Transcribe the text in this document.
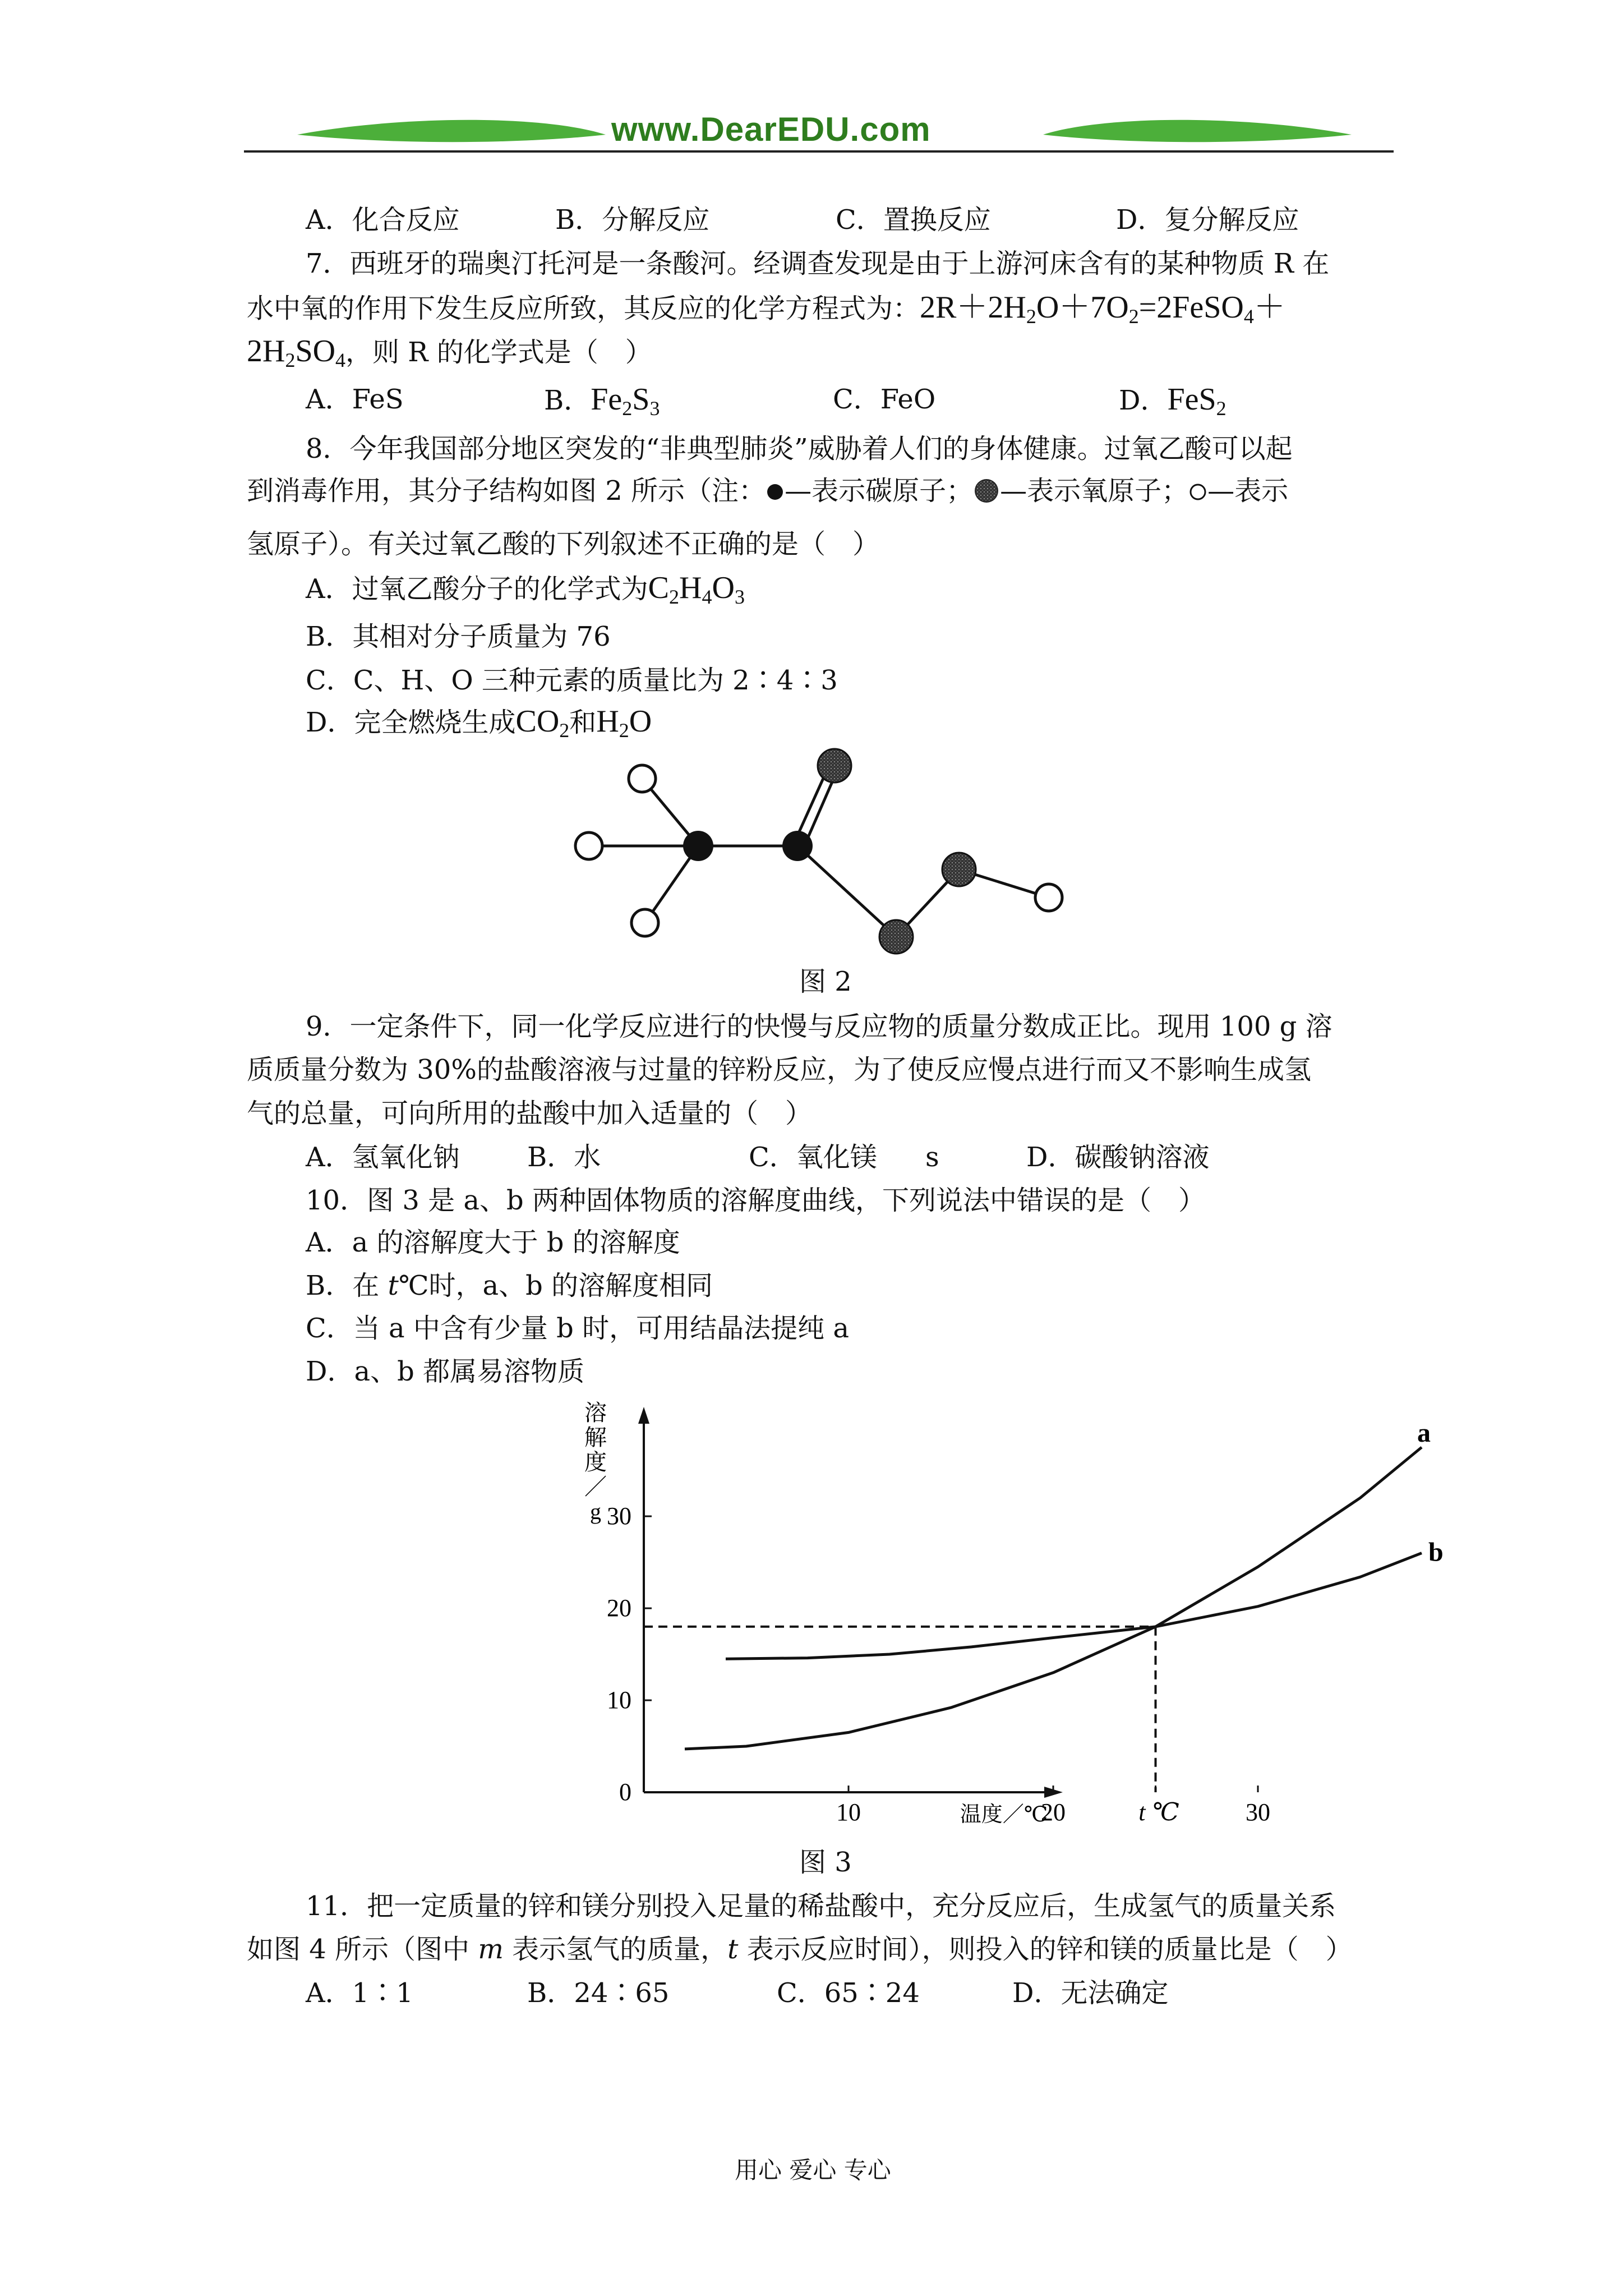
www.DearEDU.com
A．化合反应	B．分解反应	C．置换反应	D．复分解反应
7．西班牙的瑞奥汀托河是一条酸河。经调查发现是由于上游河床含有的某种物质 R 在
水中氧的作用下发生反应所致，其反应的化学方程式为：$2R+2H_2O+7O_2=2FeSO_4+$
$2H_2SO_4$，则 R 的化学式是（　）
A．FeS	B．$Fe_2S_3$	C．FeO	D．FeS$_2$
8．今年我国部分地区突发的“非典型肺炎”威胁着人们的身体健康。过氧乙酸可以起
到消毒作用，其分子结构如图 2 所示（注： —表示碳原子； —表示氧原子； —表示
氢原子）。有关过氧乙酸的下列叙述不正确的是（　）
A．过氧乙酸分子的化学式为$C_2H_4O_3$
B．其相对分子质量为 76
C．C、H、O 三种元素的质量比为 2∶4∶3
D．完全燃烧生成$CO_2$和$H_2O$
图 2
9．一定条件下，同一化学反应进行的快慢与反应物的质量分数成正比。现用 100 g 溶
质质量分数为 30%的盐酸溶液与过量的锌粉反应，为了使反应慢点进行而又不影响生成氢
气的总量，可向所用的盐酸中加入适量的（　）
A．氢氧化钠	B．水	C．氧化镁 s	D．碳酸钠溶液
10．图 3 是 a、b 两种固体物质的溶解度曲线，下列说法中错误的是（　）
A．a 的溶解度大于 b 的溶解度
B．在 t℃时，a、b 的溶解度相同
C．当 a 中含有少量 b 时，可用结晶法提纯 a
D．a、b 都属易溶物质
0
10
20
30
10	20	t ℃	30
溶
解
度
／
g
温度／℃
a
b
图 3
11．把一定质量的锌和镁分别投入足量的稀盐酸中，充分反应后，生成氢气的质量关系
如图 4 所示（图中 m 表示氢气的质量，t 表示反应时间），则投入的锌和镁的质量比是（　）
A．1∶1	B．24∶65	C．65∶24	D．无法确定
用心 爱心 专心
